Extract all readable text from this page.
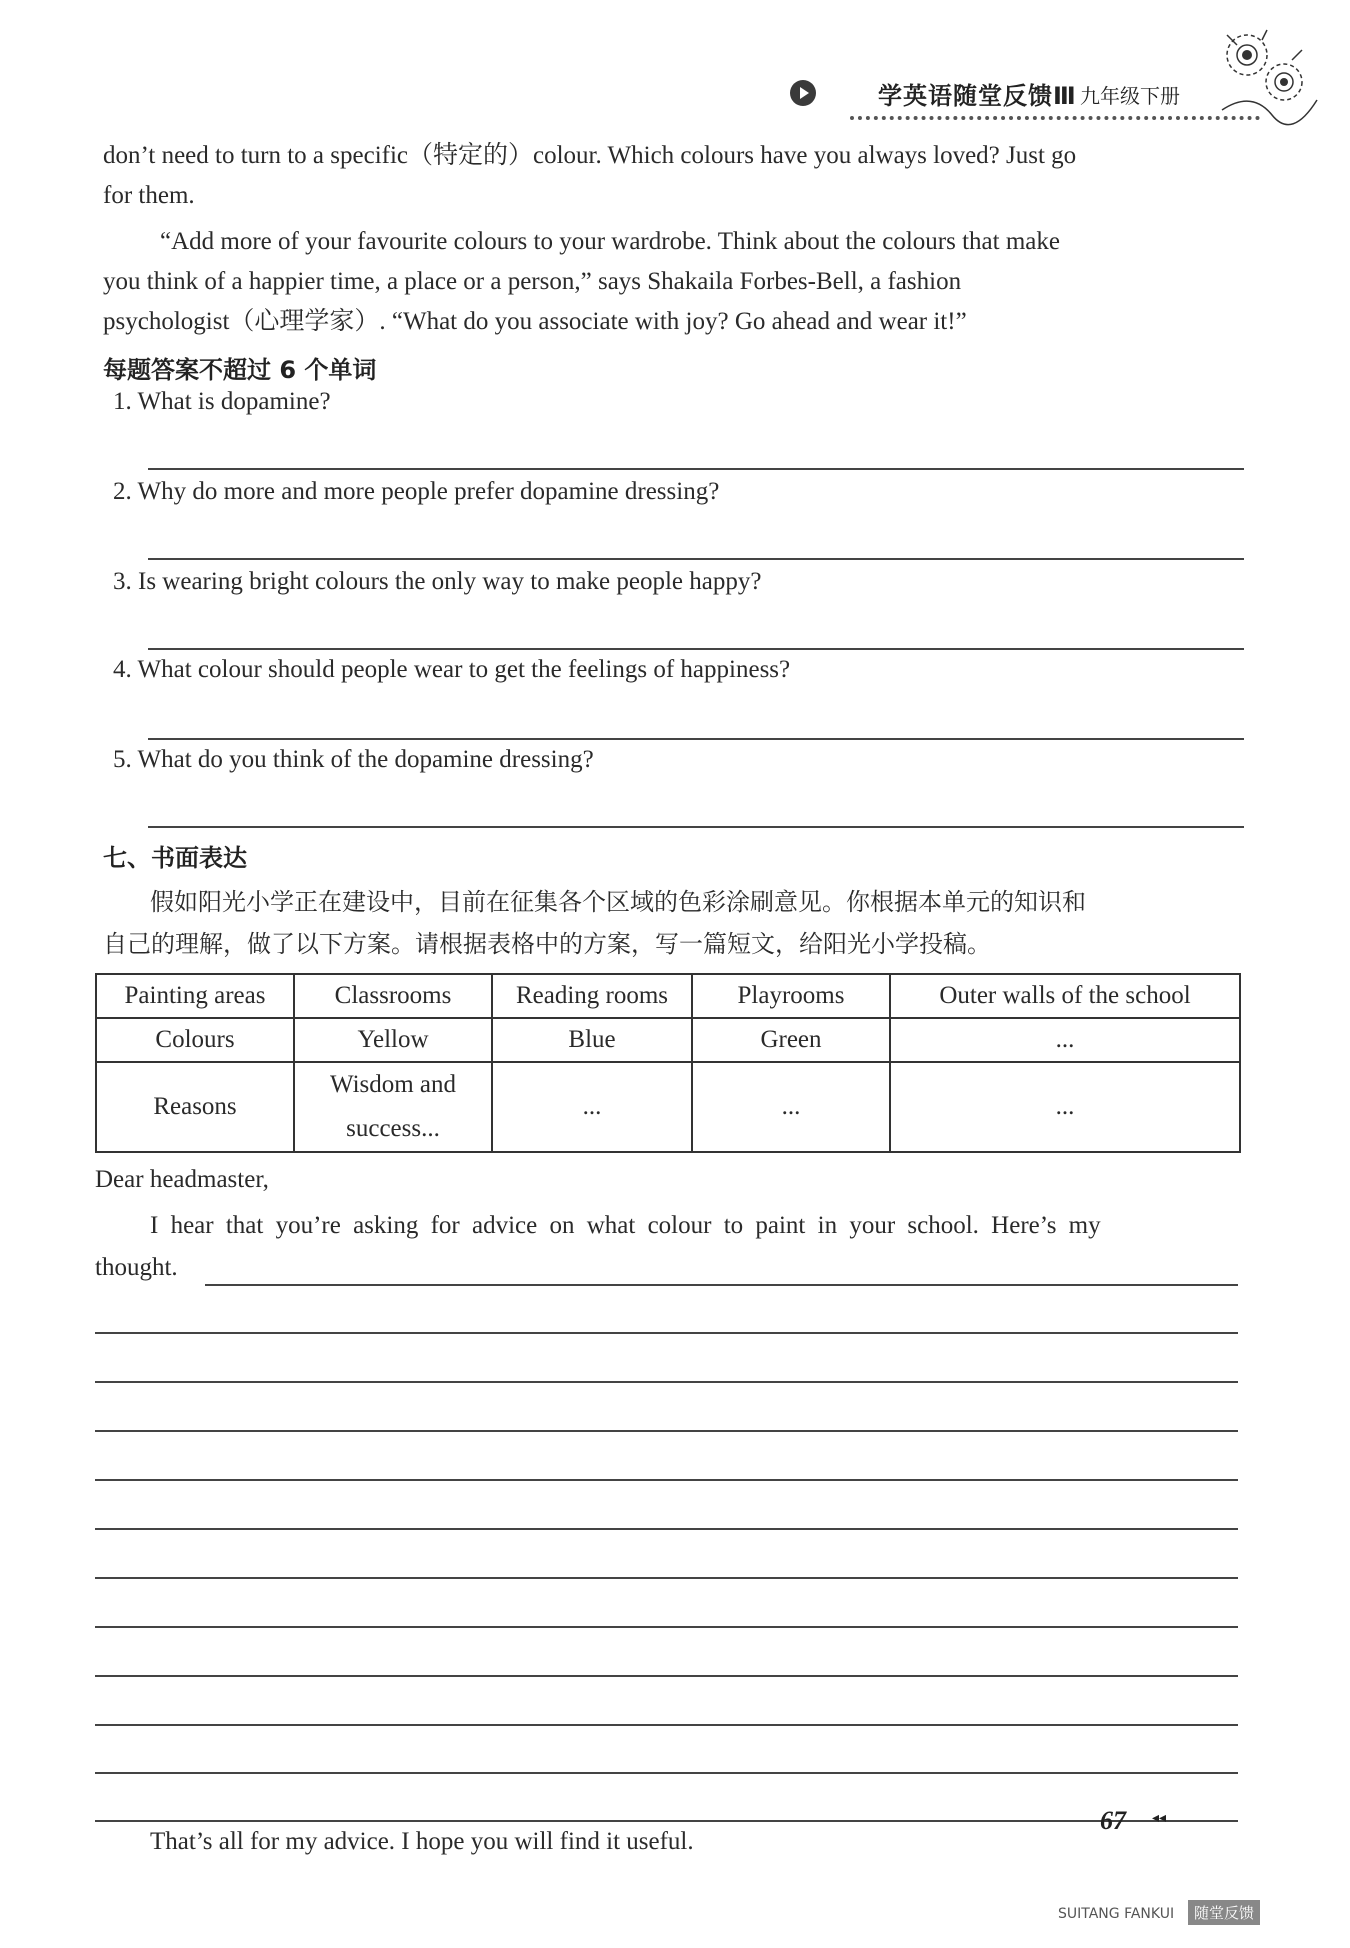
学英语随堂反馈Ⅲ 九年级下册
don’t need to turn to a specific（特定的）colour. Which colours have you always loved? Just go
for them.
“Add more of your favourite colours to your wardrobe. Think about the colours that make
you think of a happier time, a place or a person,” says Shakaila Forbes-Bell, a fashion
psychologist（心理学家）. “What do you associate with joy? Go ahead and wear it!”
每题答案不超过 6 个单词
1. What is dopamine?
2. Why do more and more people prefer dopamine dressing?
3. Is wearing bright colours the only way to make people happy?
4. What colour should people wear to get the feelings of happiness?
5. What do you think of the dopamine dressing?
七、书面表达
假如阳光小学正在建设中，目前在征集各个区域的色彩涂刷意见。你根据本单元的知识和
自己的理解，做了以下方案。请根据表格中的方案，写一篇短文，给阳光小学投稿。
Painting areas	Classrooms	Reading rooms	Playrooms	Outer walls of the school
Colours	Yellow	Blue	Green	...
Reasons	Wisdom and success...	...	...	...
Dear headmaster,
I hear that you’re asking for advice on what colour to paint in your school. Here’s my
thought.
That’s all for my advice. I hope you will find it useful.
67 ◂◂
SUITANG FANKUI	随堂反馈
